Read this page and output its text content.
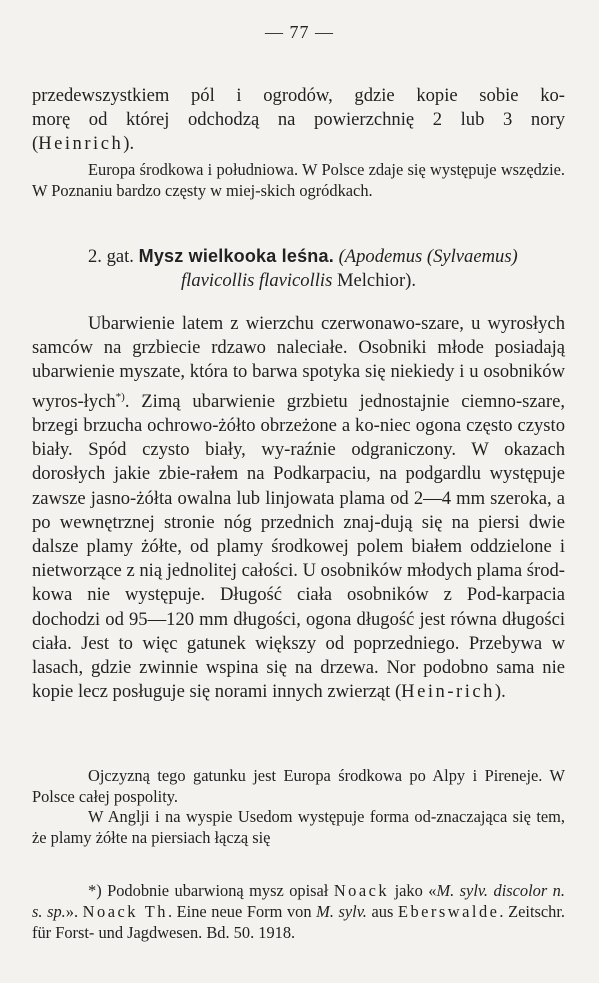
— 77 —

przedewszystkiem pól i ogrodów, gdzie kopie sobie ko-

morę od której odchodzą na powierzchnię 2 lub 3 nory

(Heinrich).

Europa środkowa i południowa. W Polsce zdaje się występuje wszędzie. W Poznaniu bardzo częsty w miej-skich ogródkach.

2. gat. Mysz wielkooka leśna. (Apodemus (Sylvaemus)

flavicollis flavicollis Melchior).

Ubarwienie latem z wierzchu czerwonawo-szare, u wyrosłych samców na grzbiecie rdzawo naleciałe. Osobniki młode posiadają ubarwienie myszate, która to barwa spotyka się niekiedy i u osobników wyros-łych*). Zimą ubarwienie grzbietu jednostajnie ciemno-szare, brzegi brzucha ochrowo-żółto obrzeżone a ko-niec ogona często czysto biały. Spód czysto biały, wy-raźnie odgraniczony. W okazach dorosłych jakie zbie-rałem na Podkarpaciu, na podgardlu występuje zawsze jasno-żółta owalna lub linjowata plama od 2—4 mm szeroka, a po wewnętrznej stronie nóg przednich znaj-dują się na piersi dwie dalsze plamy żółte, od plamy środkowej polem białem oddzielone i nietworzące z nią jednolitej całości. U osobników młodych plama środ-kowa nie występuje. Długość ciała osobników z Pod-karpacia dochodzi od 95—120 mm długości, ogona długość jest równa długości ciała. Jest to więc gatunek większy od poprzedniego. Przebywa w lasach, gdzie zwinnie wspina się na drzewa. Nor podobno sama nie kopie lecz posługuje się norami innych zwierząt (Hein-rich).

Ojczyzną tego gatunku jest Europa środkowa po Alpy i Pireneje. W Polsce całej pospolity.

W Anglji i na wyspie Usedom występuje forma od-znaczająca się tem, że plamy żółte na piersiach łączą się

*) Podobnie ubarwioną mysz opisał Noack jako «M. sylv. discolor n. s. sp.». Noack Th. Eine neue Form von M. sylv. aus Eberswalde. Zeitschr. für Forst- und Jagdwesen. Bd. 50. 1918.
